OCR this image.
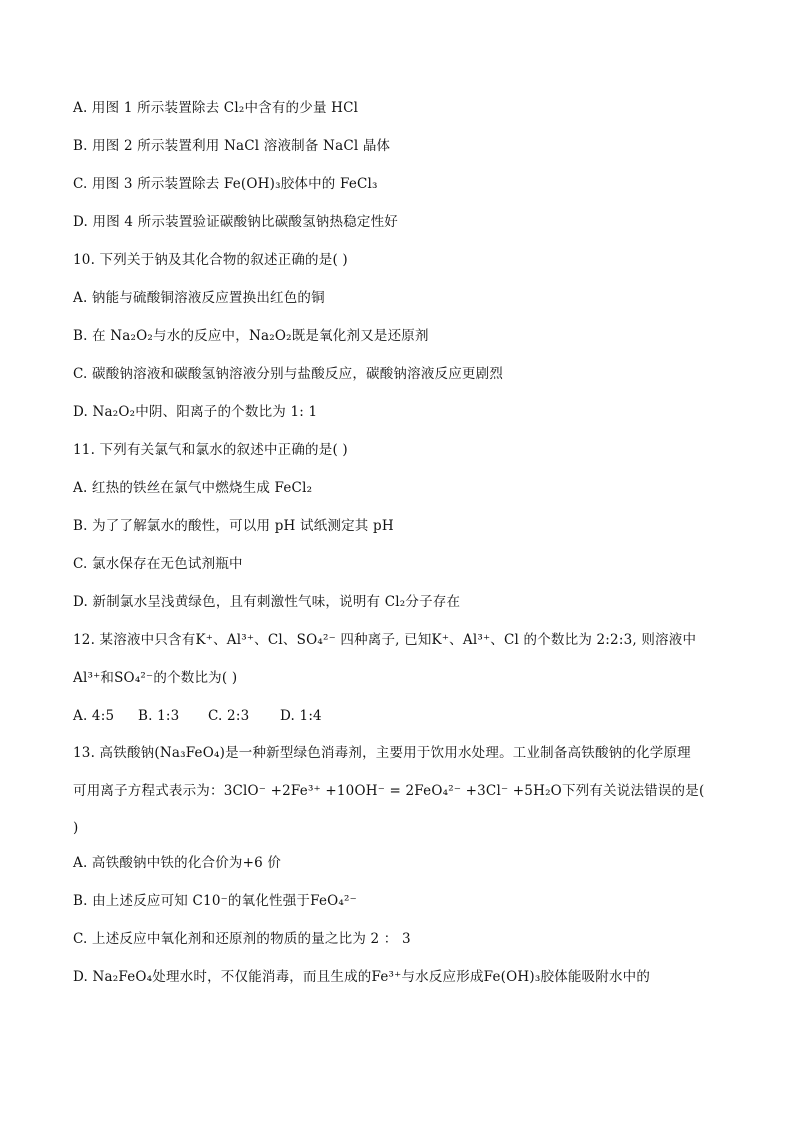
A. 用图 1 所示装置除去 Cl₂中含有的少量 HCl
B. 用图 2 所示装置利用 NaCl 溶液制备 NaCl 晶体
C. 用图 3 所示装置除去 Fe(OH)₃胶体中的 FeCl₃
D. 用图 4 所示装置验证碳酸钠比碳酸氢钠热稳定性好
10. 下列关于钠及其化合物的叙述正确的是( )
A. 钠能与硫酸铜溶液反应置换出红色的铜
B. 在 Na₂O₂与水的反应中，Na₂O₂既是氧化剂又是还原剂
C. 碳酸钠溶液和碳酸氢钠溶液分别与盐酸反应，碳酸钠溶液反应更剧烈
D. Na₂O₂中阴、阳离子的个数比为 1: 1
11. 下列有关氯气和氯水的叙述中正确的是( )
A. 红热的铁丝在氯气中燃烧生成 FeCl₂
B. 为了了解氯水的酸性，可以用 pH 试纸测定其 pH
C. 氯水保存在无色试剂瓶中
D. 新制氯水呈浅黄绿色，且有刺激性气味，说明有 Cl₂分子存在
12. 某溶液中只含有K⁺、Al³⁺、Cl、SO₄²⁻ 四种离子, 已知K⁺、Al³⁺、Cl 的个数比为 2:2:3, 则溶液中
Al³⁺和SO₄²⁻的个数比为( )
A. 4:5 B. 1:3 C. 2:3 D. 1:4
13. 高铁酸钠(Na₃FeO₄)是一种新型绿色消毒剂，主要用于饮用水处理。工业制备高铁酸钠的化学原理
可用离子方程式表示为：3ClO⁻ +2Fe³⁺ +10OH⁻ = 2FeO₄²⁻ +3Cl⁻ +5H₂O下列有关说法错误的是(
)
A. 高铁酸钠中铁的化合价为+6 价
B. 由上述反应可知 C10⁻的氧化性强于FeO₄²⁻
C. 上述反应中氧化剂和还原剂的物质的量之比为 2 ： 3
D. Na₂FeO₄处理水时，不仅能消毒，而且生成的Fe³⁺与水反应形成Fe(OH)₃胶体能吸附水中的
